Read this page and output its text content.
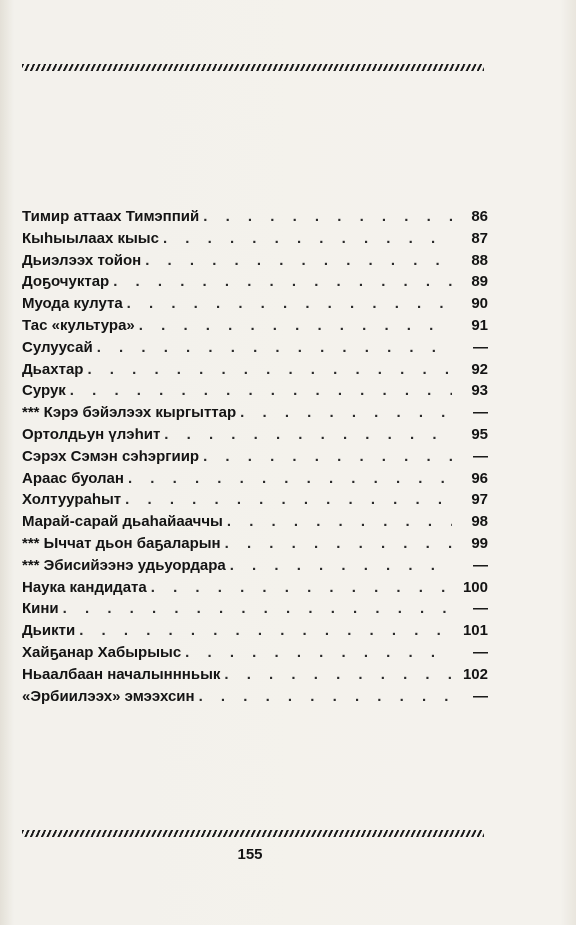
Тимир аттаах Тимэппий . . .	86
Кыһыылаах кыыс . . .	87
Дьиэлээх тойон . . .	88
Доҕочуктар . . .	89
Муода кулута . . .	90
Тас «культура» . . .	91
Сулуусай . . .	—
Дьахтар . . .	92
Сурук . . .	93
*** Кэрэ бэйэлээх кыргыттар . . .	—
Ортолдьун үлэһит . . .	95
Сэрэх Сэмэн сэһэргиир . . .	—
Араас буолан . . .	96
Холтуураһыт . . .	97
Марай-сарай дьаһайааччы . . .	98
*** Ыччат дьон баҕаларын . . .	99
*** Эбисийээнэ удьуордара . . .	—
Наука кандидата . . .	100
Кини . . .	—
Дьикти . . .	101
Хайҕанар Хабырыыс . . .	—
Ньаалбаан началыннньык . . .	102
«Эрбиилээх» эмээхсин . . .	—
155
